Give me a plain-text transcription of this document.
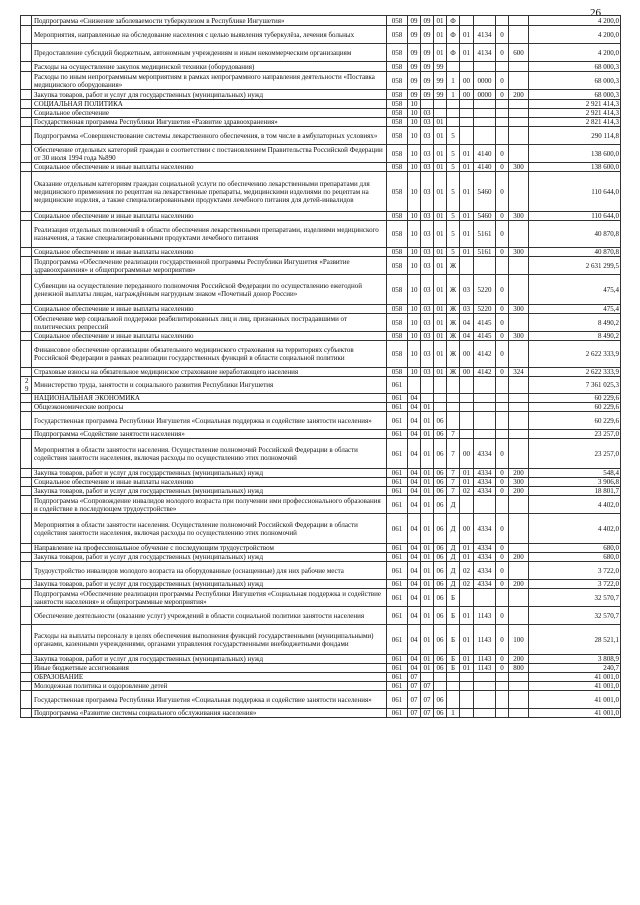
26
	Подпрограмма «Снижение заболеваемости туберкулезом в Республике Ингушетия»	058	09	09	01	Ф					4 200,0
	Мероприятия, направленные на обследование населения с целью выявления туберкулёза, лечения больных	058	09	09	01	Ф	01	4134	0		4 200,0
	Предоставление субсидий бюджетным, автономным учреждениям и иным некоммерческим организациям	058	09	09	01	Ф	01	4134	0	600	4 200,0
	Расходы на осуществление закупок медицинской техники (оборудования)	058	09	09	99						68 000,3
	Расходы по иным непрограммным мероприятиям в рамках непрограммного направления деятельности «Поставка медицинского оборудования»	058	09	09	99	1	00	0000	0		68 000,3
	Закупка товаров, работ и услуг для государственных (муниципальных) нужд	058	09	09	99	1	00	0000	0	200	68 000,3
	СОЦИАЛЬНАЯ ПОЛИТИКА	058	10								2 921 414,3
	Социальное обеспечение	058	10	03							2 921 414,3
	Государственная программа Республики Ингушетия «Развитие здравоохранения»	058	10	03	01						2 821 414,3
	Подпрограмма «Совершенствование системы лекарственного обеспечения, в том числе в амбулаторных условиях»	058	10	03	01	5					290 114,8
	Обеспечение отдельных категорий граждан в соответствии с постановлением Правительства Российской Федерации от 30 июля 1994 года №890	058	10	03	01	5	01	4140	0		138 600,0
	Социальное обеспечение и иные выплаты населению	058	10	03	01	5	01	4140	0	300	138 600,0
	Оказание отдельным категориям граждан социальной услуги по обеспечению лекарственными препаратами для медицинского применения по рецептам на лекарственные препараты, медицинскими изделиями по рецептам на медицинские изделия, а также специализированными продуктами лечебного питания для детей-инвалидов	058	10	03	01	5	01	5460	0		110 644,0
	Социальное обеспечение и иные выплаты населению	058	10	03	01	5	01	5460	0	300	110 644,0
	Реализация отдельных полномочий в области обеспечения лекарственными препаратами, изделиями медицинского назначения, а также специализированными продуктами лечебного питания	058	10	03	01	5	01	5161	0		40 870,8
	Социальное обеспечение и иные выплаты населению	058	10	03	01	5	01	5161	0	300	40 870,8
	Подпрограмма «Обеспечение реализации государственной программы Республики Ингушетия «Развитие здравоохранения» и общепрограммные мероприятия»	058	10	03	01	Ж					2 631 299,5
	Субвенции на осуществление переданного полномочия Российской Федерации по осуществлению ежегодной денежной выплаты лицам, награждённым нагрудным знаком «Почетный донор России»	058	10	03	01	Ж	03	5220	0		475,4
	Социальное обеспечение и иные выплаты населению	058	10	03	01	Ж	03	5220	0	300	475,4
	Обеспечение мер социальной поддержки реабилитированных лиц и лиц, признанных пострадавшими от политических репрессий	058	10	03	01	Ж	04	4145	0		8 490,2
	Социальное обеспечение и иные выплаты населению	058	10	03	01	Ж	04	4145	0	300	8 490,2
	Финансовое обеспечение организации обязательного медицинского страхования на территориях субъектов Российской Федерации в рамках реализации государственных функций в области социальной политики	058	10	03	01	Ж	00	4142	0		2 622 333,9
	Страховые взносы на обязательное медицинское страхование неработающего населения	058	10	03	01	Ж	00	4142	0	324	2 622 333,9
29	Министерство труда, занятости и социального развития Республики Ингушетия	061									7 361 025,3
	НАЦИОНАЛЬНАЯ ЭКОНОМИКА	061	04								60 229,6
	Общеэкономические вопросы	061	04	01							60 229,6
	Государственная программа Республики Ингушетия «Социальная поддержка и содействие занятости населения»	061	04	01	06						60 229,6
	Подпрограмма «Содействие занятости населения»	061	04	01	06	7					23 257,0
	Мероприятия в области занятости населения. Осуществление полномочий Российской Федерации в области содействия занятости населения, включая расходы по осуществлению этих полномочий	061	04	01	06	7	00	4334	0		23 257,0
	Закупка товаров, работ и услуг для государственных (муниципальных) нужд	061	04	01	06	7	01	4334	0	200	548,4
	Социальное обеспечение и иные выплаты населению	061	04	01	06	7	01	4334	0	300	3 906,8
	Закупка товаров, работ и услуг для государственных (муниципальных) нужд	061	04	01	06	7	02	4334	0	200	18 801,7
	Подпрограмма «Сопровождение инвалидов молодого возраста при получении ими профессионального образования и содействие в последующем трудоустройстве»	061	04	01	06	Д					4 402,0
	Мероприятия в области занятости населения. Осуществление полномочий Российской Федерации в области содействия занятости населения, включая расходы по осуществлению этих полномочий	061	04	01	06	Д	00	4334	0		4 402,0
	Направление на профессиональное обучение с последующим трудоустройством	061	04	01	06	Д	01	4334	0		680,0
	Закупка товаров, работ и услуг для государственных (муниципальных) нужд	061	04	01	06	Д	01	4334	0	200	680,0
	Трудоустройство инвалидов молодого возраста на оборудованные (оснащенные) для них рабочие места	061	04	01	06	Д	02	4334	0		3 722,0
	Закупка товаров, работ и услуг для государственных (муниципальных) нужд	061	04	01	06	Д	02	4334	0	200	3 722,0
	Подпрограмма «Обеспечение реализации программы Республики Ингушетия «Социальная поддержка и содействие занятости населения» и общепрограммные мероприятия»	061	04	01	06	Б					32 570,7
	Обеспечение деятельности (оказание услуг) учреждений в области социальной политики занятости населения	061	04	01	06	Б	01	1143	0		32 570,7
	Расходы на выплаты персоналу в целях обеспечения выполнения функций государственными (муниципальными) органами, казенными учреждениями, органами управления государственными внебюджетными фондами	061	04	01	06	Б	01	1143	0	100	28 521,1
	Закупка товаров, работ и услуг для государственных (муниципальных) нужд	061	04	01	06	Б	01	1143	0	200	3 808,9
	Иные бюджетные ассигнования	061	04	01	06	Б	01	1143	0	800	240,7
	ОБРАЗОВАНИЕ	061	07								41 001,0
	Молодежная политика и оздоровление детей	061	07	07							41 001,0
	Государственная программа Республики Ингушетия «Социальная поддержка и содействие занятости населения»	061	07	07	06						41 001,0
	Подпрограмма «Развитие системы социального обслуживания населения»	061	07	07	06	1					41 001,0
